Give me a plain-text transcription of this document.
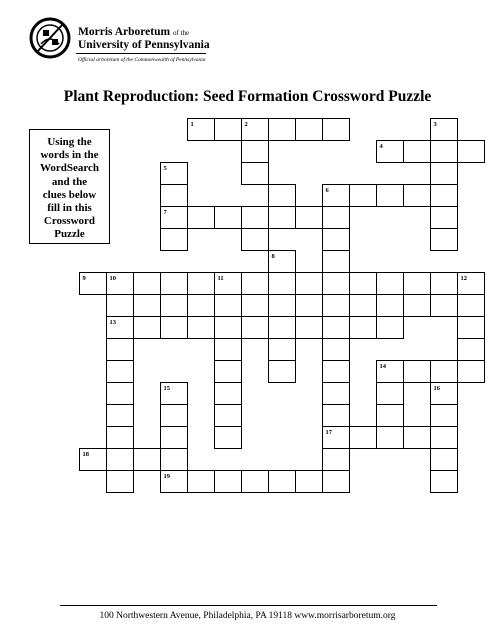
Morris Arboretum of the
University of Pennsylvania
Official arboretum of the Commonwealth of Pennsylvania
Plant Reproduction: Seed Formation Crossword Puzzle
Using the
words in the
WordSearch
and the
clues below
fill in this
Crossword
Puzzle
1	2	3
4
5
6
7
8
9	10	11	12
13
14
15	16
17
18
19
100 Northwestern Avenue, Philadelphia, PA 19118 www.morrisarboretum.org
